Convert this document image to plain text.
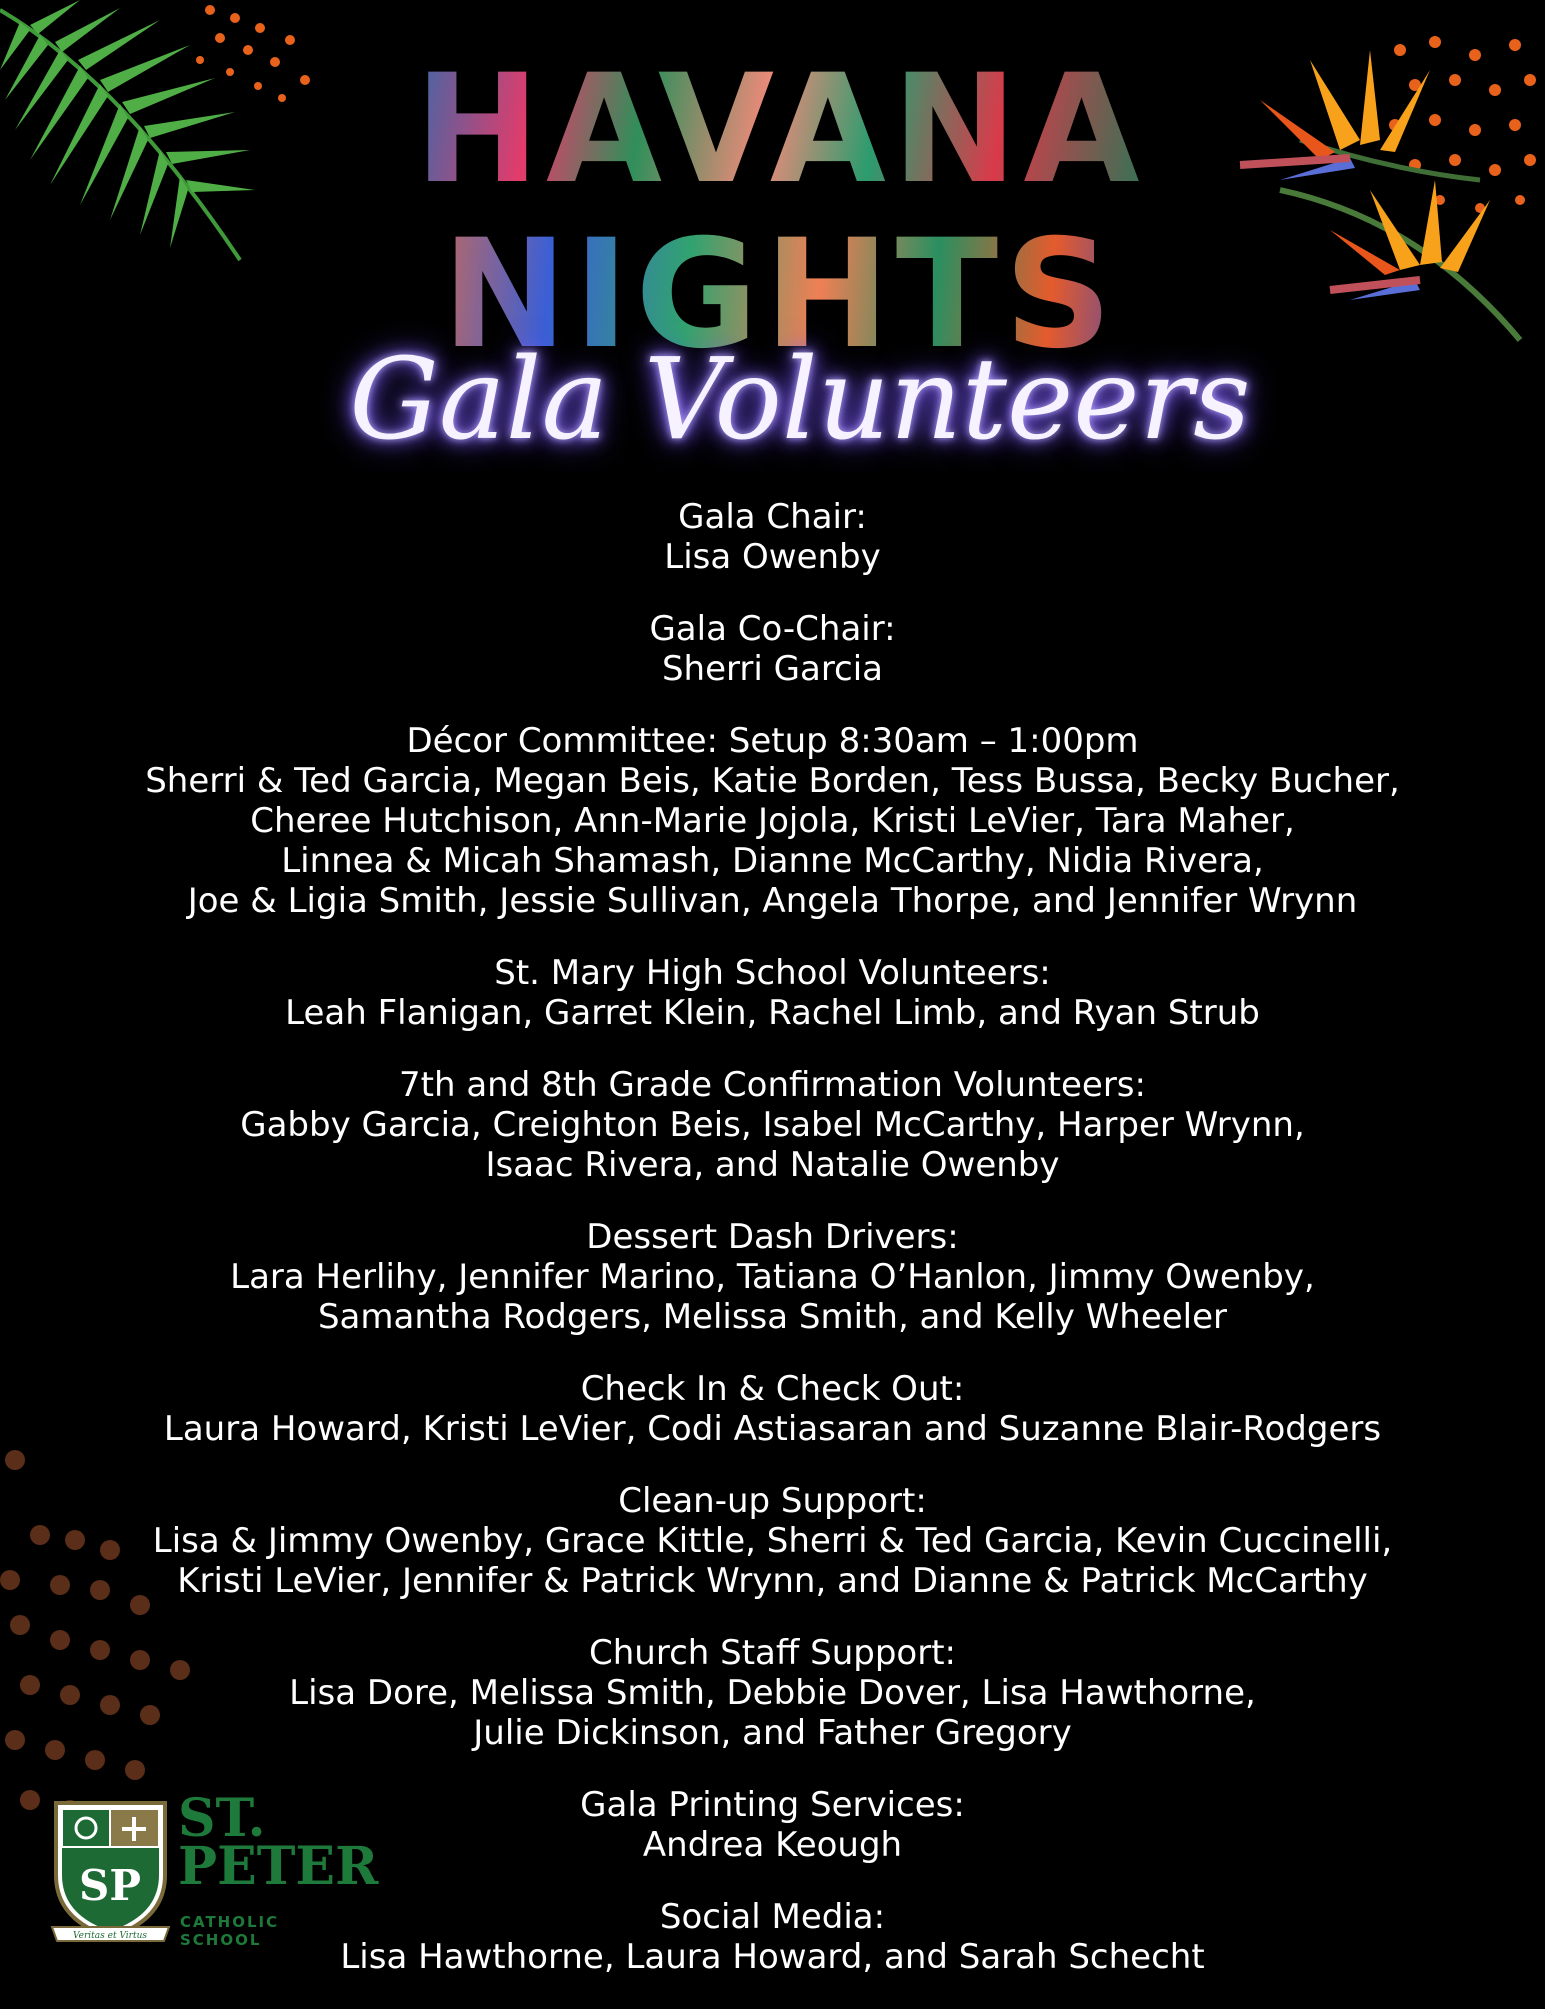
HAVANA
NIGHTS
Gala Volunteers

Gala Chair:

Lisa Owenby

Gala Co-Chair:

Sherri Garcia

Décor Committee: Setup 8:30am – 1:00pm

Sherri & Ted Garcia, Megan Beis, Katie Borden, Tess Bussa, Becky Bucher,

Cheree Hutchison, Ann-Marie Jojola, Kristi LeVier, Tara Maher,

Linnea & Micah Shamash, Dianne McCarthy, Nidia Rivera,

Joe & Ligia Smith, Jessie Sullivan, Angela Thorpe, and Jennifer Wrynn

St. Mary High School Volunteers:

Leah Flanigan, Garret Klein, Rachel Limb, and Ryan Strub

7th and 8th Grade Confirmation Volunteers:

Gabby Garcia, Creighton Beis, Isabel McCarthy, Harper Wrynn,

Isaac Rivera, and Natalie Owenby

Dessert Dash Drivers:

Lara Herlihy, Jennifer Marino, Tatiana O’Hanlon, Jimmy Owenby,

Samantha Rodgers, Melissa Smith, and Kelly Wheeler

Check In & Check Out:

Laura Howard, Kristi LeVier, Codi Astiasaran and Suzanne Blair-Rodgers

Clean-up Support:

Lisa & Jimmy Owenby, Grace Kittle, Sherri & Ted Garcia, Kevin Cuccinelli,

Kristi LeVier, Jennifer & Patrick Wrynn, and Dianne & Patrick McCarthy

Church Staff Support:

Lisa Dore, Melissa Smith, Debbie Dover, Lisa Hawthorne,

Julie Dickinson, and Father Gregory

Gala Printing Services:

Andrea Keough

Social Media:

Lisa Hawthorne, Laura Howard, and Sarah Schecht

SP
Veritas et Virtus
ST.
PETER
CATHOLIC SCHOOL
